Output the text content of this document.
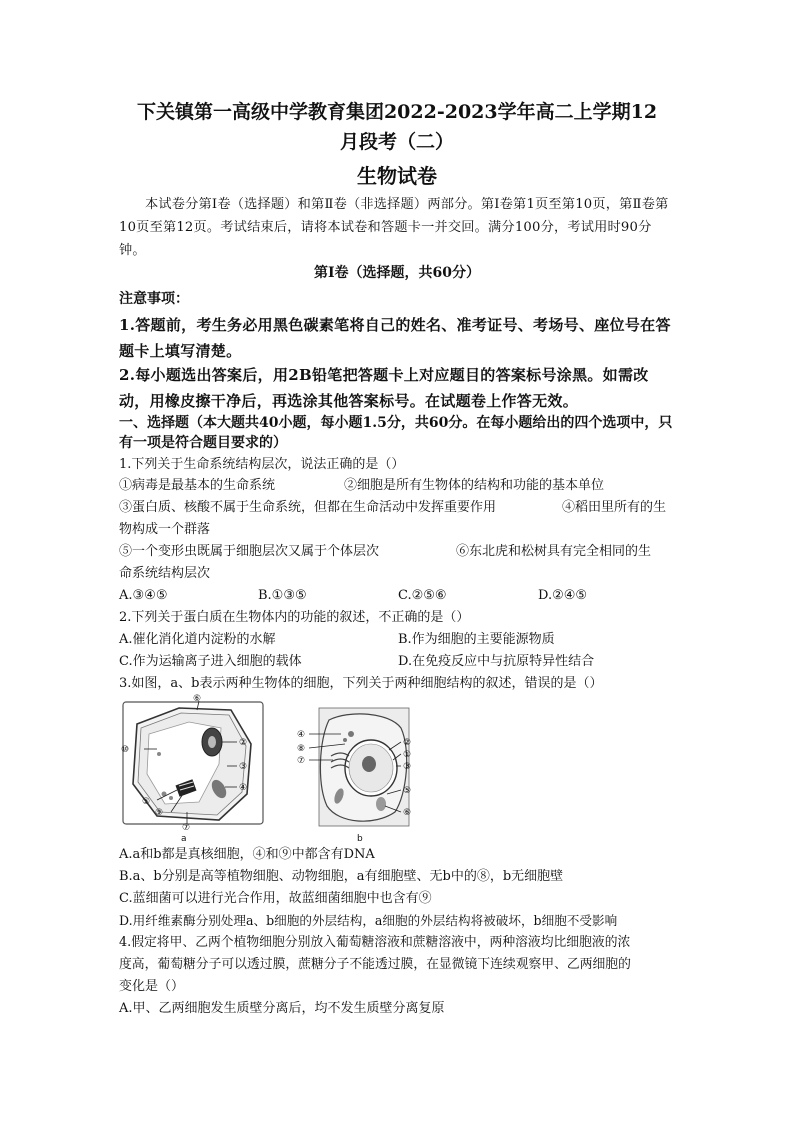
下关镇第一高级中学教育集团2022-2023学年高二上学期12
月段考（二）
生物试卷
本试卷分第Ⅰ卷（选择题）和第Ⅱ卷（非选择题）两部分。第Ⅰ卷第1页至第10页，第Ⅱ卷第10页至第12页。考试结束后，请将本试卷和答题卡一并交回。满分100分，考试用时90分钟。
第Ⅰ卷（选择题，共60分）
注意事项：
1.答题前，考生务必用黑色碳素笔将自己的姓名、准考证号、考场号、座位号在答题卡上填写清楚。
2.每小题选出答案后，用2B铅笔把答题卡上对应题目的答案标号涂黑。如需改动，用橡皮擦干净后，再选涂其他答案标号。在试题卷上作答无效。
一、选择题（本大题共40小题，每小题1.5分，共60分。在每小题给出的四个选项中，只有一项是符合题目要求的）
1.下列关于生命系统结构层次，说法正确的是（）
①病毒是最基本的生命系统	②细胞是所有生物体的结构和功能的基本单位
③蛋白质、核酸不属于生命系统，但都在生命活动中发挥重要作用	④稻田里所有的生
物构成一个群落
⑤一个变形虫既属于细胞层次又属于个体层次	⑥东北虎和松树具有完全相同的生
命系统结构层次
A.③④⑤	B.①③⑤	C.②⑤⑥	D.②④⑤
2.下列关于蛋白质在生物体内的功能的叙述，不正确的是（）
A.催化消化道内淀粉的水解	B.作为细胞的主要能源物质
C.作为运输离子进入细胞的载体	D.在免疫反应中与抗原特异性结合
3.如图，a、b表示两种生物体的细胞，下列关于两种细胞结构的叙述，错误的是（）
⑥
⑩
②
③
④
⑤
⑨
⑦
a
④
⑧
⑦
②
①
③
⑤
⑥
b
A.a和b都是真核细胞，④和⑨中都含有DNA
B.a、b分别是高等植物细胞、动物细胞，a有细胞壁、无b中的⑧，b无细胞壁
C.蓝细菌可以进行光合作用，故蓝细菌细胞中也含有⑨
D.用纤维素酶分别处理a、b细胞的外层结构，a细胞的外层结构将被破坏，b细胞不受影响
4.假定将甲、乙两个植物细胞分别放入葡萄糖溶液和蔗糖溶液中，两种溶液均比细胞液的浓
度高，葡萄糖分子可以透过膜，蔗糖分子不能透过膜，在显微镜下连续观察甲、乙两细胞的
变化是（）
A.甲、乙两细胞发生质壁分离后，均不发生质壁分离复原
